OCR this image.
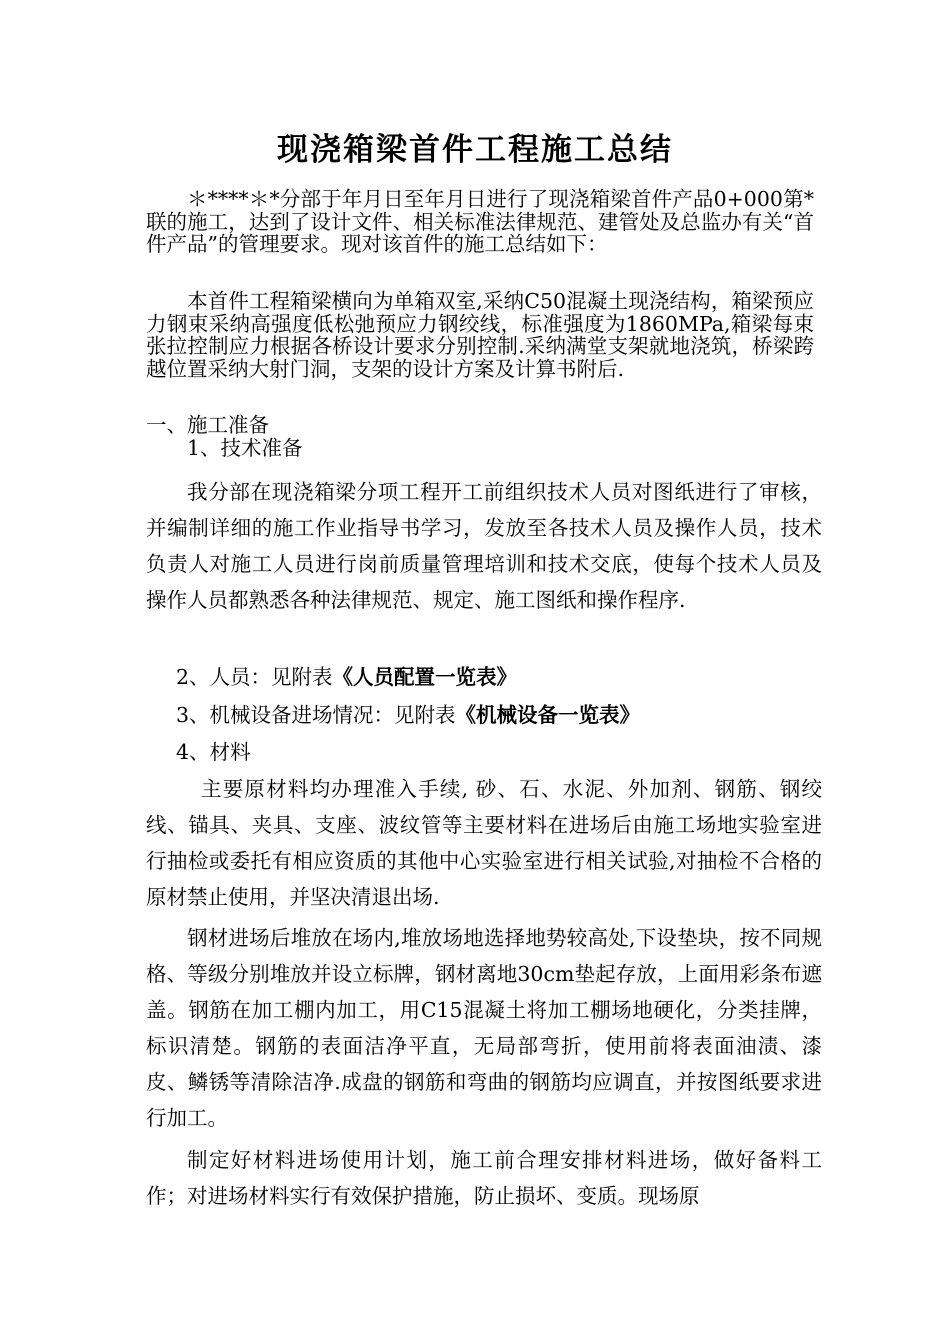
现浇箱梁首件工程施工总结

＊****＊*分部于年月日至年月日进行了现浇箱梁首件产品0+000第*联的施工，达到了设计文件、相关标准法律规范、建管处及总监办有关“首件产品”的管理要求。现对该首件的施工总结如下：

本首件工程箱梁横向为单箱双室,采纳C50混凝土现浇结构，箱梁预应力钢束采纳高强度低松弛预应力钢绞线，标准强度为1860MPa,箱梁每束张拉控制应力根据各桥设计要求分别控制.采纳满堂支架就地浇筑，桥梁跨越位置采纳大射门洞，支架的设计方案及计算书附后.

一、施工准备
1、技术准备

我分部在现浇箱梁分项工程开工前组织技术人员对图纸进行了审核，并编制详细的施工作业指导书学习，发放至各技术人员及操作人员，技术负责人对施工人员进行岗前质量管理培训和技术交底，使每个技术人员及操作人员都熟悉各种法律规范、规定、施工图纸和操作程序.

2、人员：见附表《人员配置一览表》
3、机械设备进场情况：见附表《机械设备一览表》
4、材料

主要原材料均办理准入手续, 砂、石、水泥、外加剂、钢筋、钢绞线、锚具、夹具、支座、波纹管等主要材料在进场后由施工场地实验室进行抽检或委托有相应资质的其他中心实验室进行相关试验,对抽检不合格的原材禁止使用，并坚决清退出场.

钢材进场后堆放在场内,堆放场地选择地势较高处,下设垫块，按不同规格、等级分别堆放并设立标牌，钢材离地30cm垫起存放，上面用彩条布遮盖。钢筋在加工棚内加工，用C15混凝土将加工棚场地硬化，分类挂牌，标识清楚。钢筋的表面洁净平直，无局部弯折，使用前将表面油渍、漆皮、鳞锈等清除洁净.成盘的钢筋和弯曲的钢筋均应调直，并按图纸要求进行加工。

制定好材料进场使用计划，施工前合理安排材料进场，做好备料工作；对进场材料实行有效保护措施，防止损坏、变质。现场原
